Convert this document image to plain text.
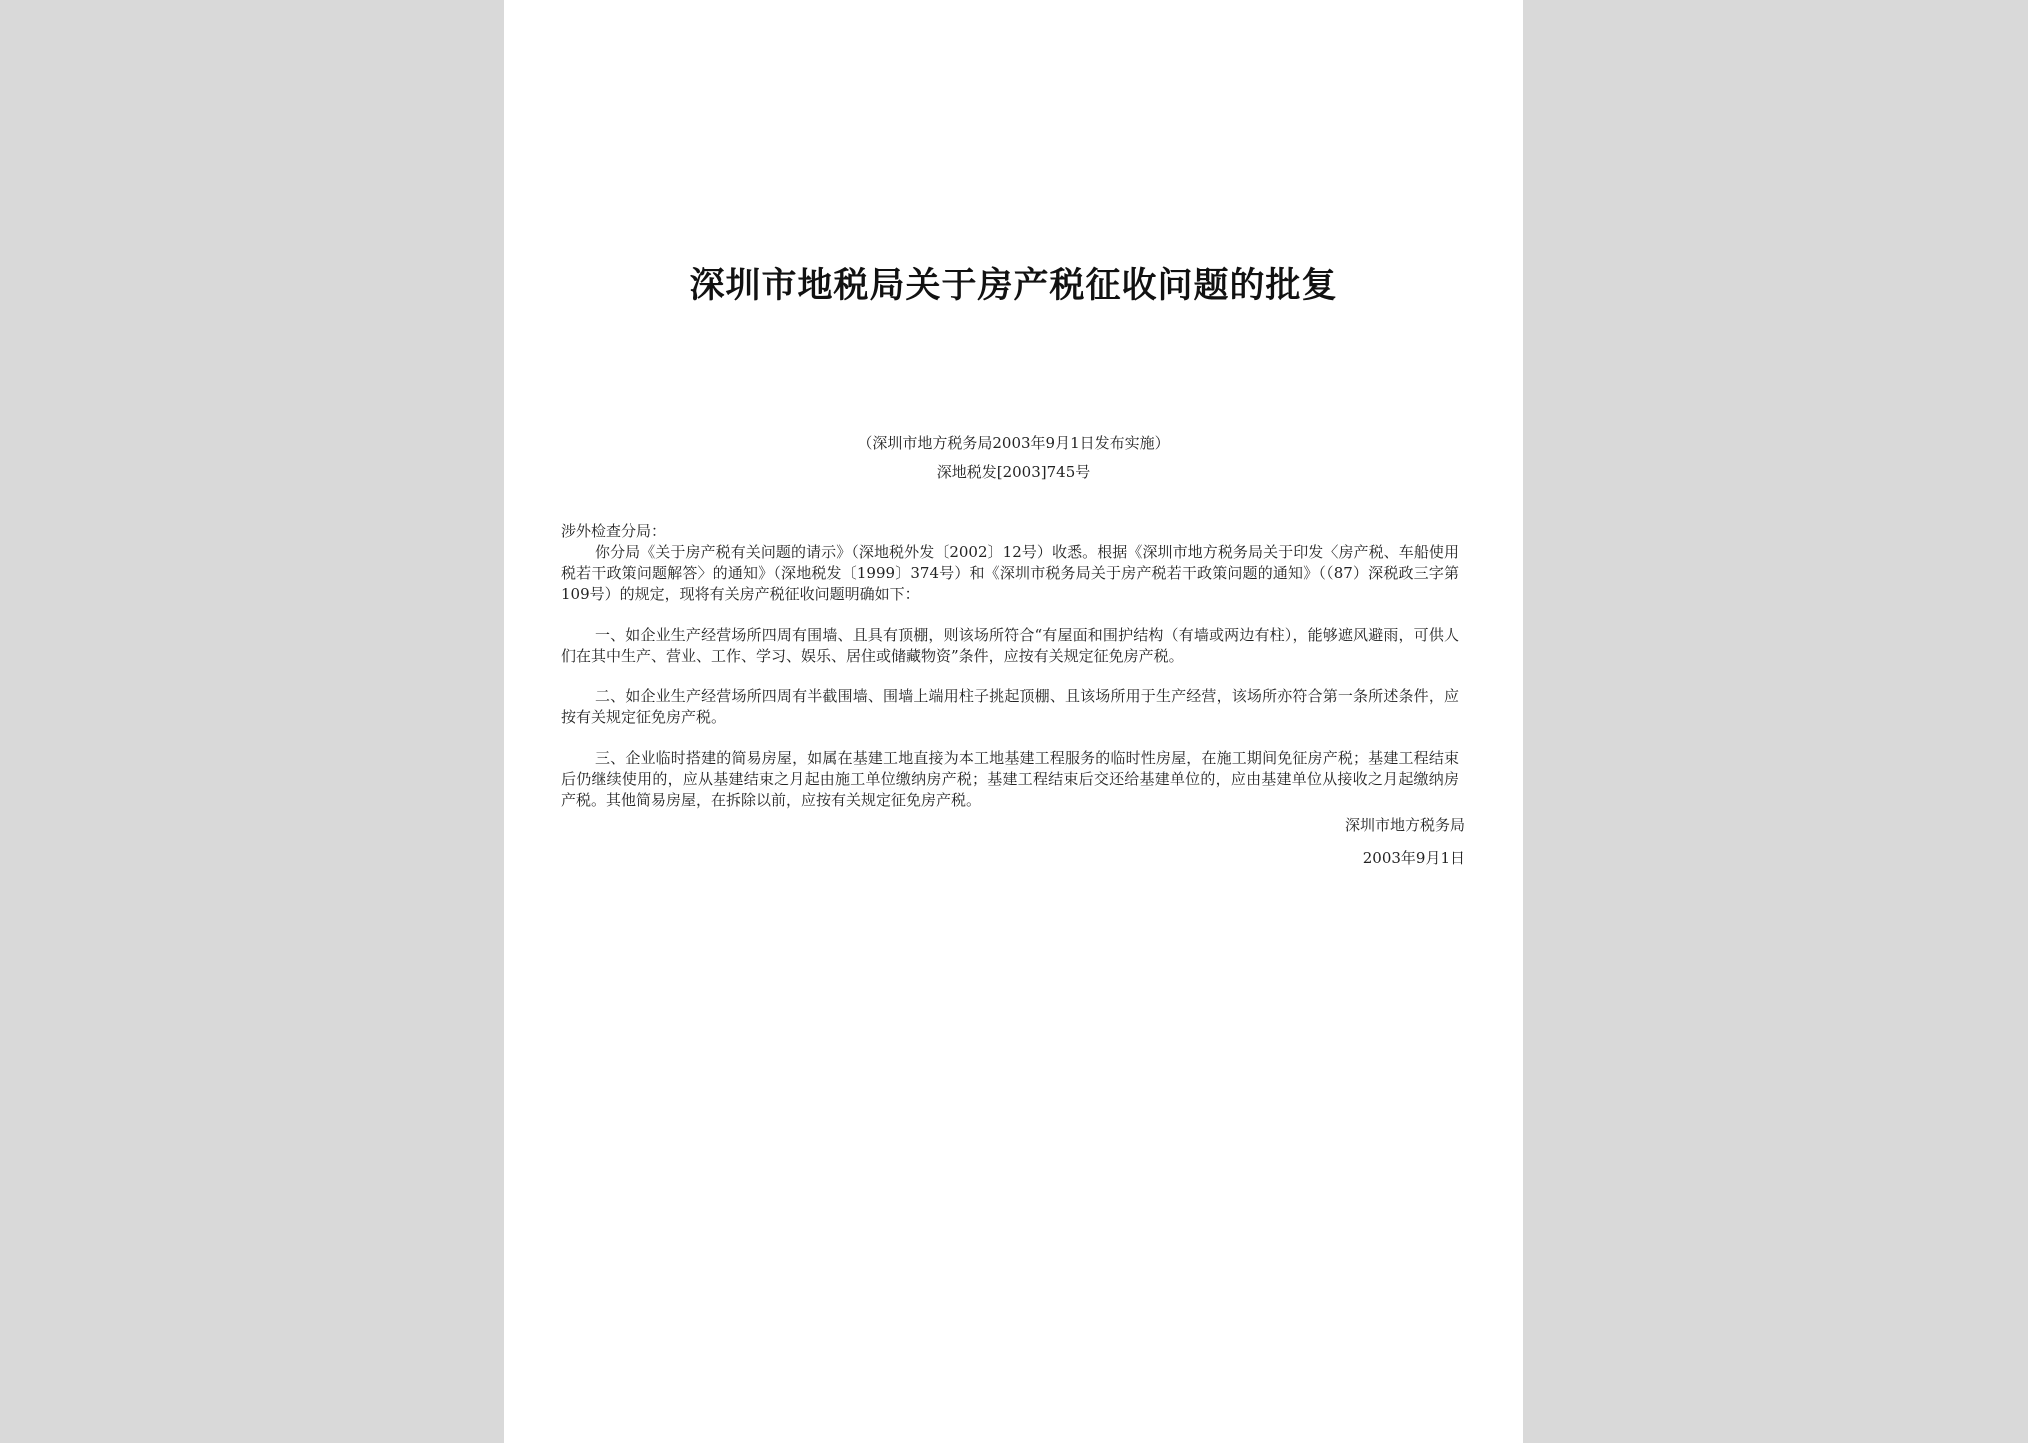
深圳市地税局关于房产税征收问题的批复
（深圳市地方税务局2003年9月1日发布实施）
深地税发[2003]745号
涉外检查分局：
你分局《关于房产税有关问题的请示》（深地税外发〔2002〕12号）收悉。根据《深圳市地方税务局关于印发〈房产税、车船使用税若干政策问题解答〉的通知》（深地税发〔1999〕374号）和《深圳市税务局关于房产税若干政策问题的通知》（（87）深税政三字第109号）的规定，现将有关房产税征收问题明确如下：
一、如企业生产经营场所四周有围墙、且具有顶棚，则该场所符合“有屋面和围护结构（有墙或两边有柱），能够遮风避雨，可供人们在其中生产、营业、工作、学习、娱乐、居住或储藏物资”条件，应按有关规定征免房产税。
二、如企业生产经营场所四周有半截围墙、围墙上端用柱子挑起顶棚、且该场所用于生产经营，该场所亦符合第一条所述条件，应按有关规定征免房产税。
三、企业临时搭建的简易房屋，如属在基建工地直接为本工地基建工程服务的临时性房屋，在施工期间免征房产税；基建工程结束后仍继续使用的，应从基建结束之月起由施工单位缴纳房产税；基建工程结束后交还给基建单位的，应由基建单位从接收之月起缴纳房产税。其他简易房屋，在拆除以前，应按有关规定征免房产税。
深圳市地方税务局
2003年9月1日
